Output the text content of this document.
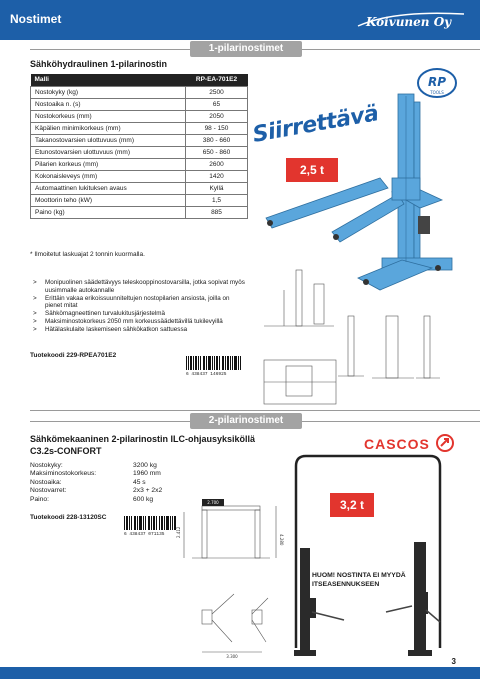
Nostimet	Koivunen Oy
1-pilarinostimet
Sähköhydraulinen 1-pilarinostin
Malli	RP-EA-701E2
Nostokyky (kg)	2500
Nostoaika n. (s)	65
Nostokorkeus (mm)	2050
Käpälien minimikorkeus (mm)	98 - 150
Takanostovarsien ulottuvuus (mm)	380 - 660
Etunostovarsien ulottuvuus (mm)	650 - 860
Pilarien korkeus (mm)	2600
Kokonaisleveys (mm)	1420
Automaattinen lukituksen avaus	Kyllä
Moottorin teho (kW)	1,5
Paino (kg)	885
* Ilmoitetut laskuajat 2 tonnin kuormalla.
> Monipuolinen säädettävyys teleskooppinostovarsilla, jotka sopivat myös uusimmalle autokannalle
> Erittäin vakaa erikoissuunniteltujen nostopilarien ansiosta, joilla on pienet mitat
> Sähkömagneettinen turvalukitusjärjestelmä
> Maksiminostokorkeus 2050 mm korkeussäädettävillä tukilevyillä
> Hätälaskulaite laskemiseen sähkökatkon sattuessa
Tuotekoodi 229-RPEA701E2
6 438437 146925
RP
TOOLS
Siirrettävä
2,5 t
2-pilarinostimet
Sähkömekaaninen 2-pilarinostin ILC-ohjausyksiköllä C3.2s-CONFORT
Nostokyky:	3200 kg
Maksiminostokorkeus:	1960 mm
Nostoaika:	45 s
Nostovarret:	2x3 + 2x2
Paino:	600 kg
Tuotekoodi 228-13120SC
6 438437 071135
2.700
4.280
2.412
3.300
CASCOS
3,2 t
HUOM! NOSTINTA EI MYYDÄ
ITSEASENNUKSEEN
3
